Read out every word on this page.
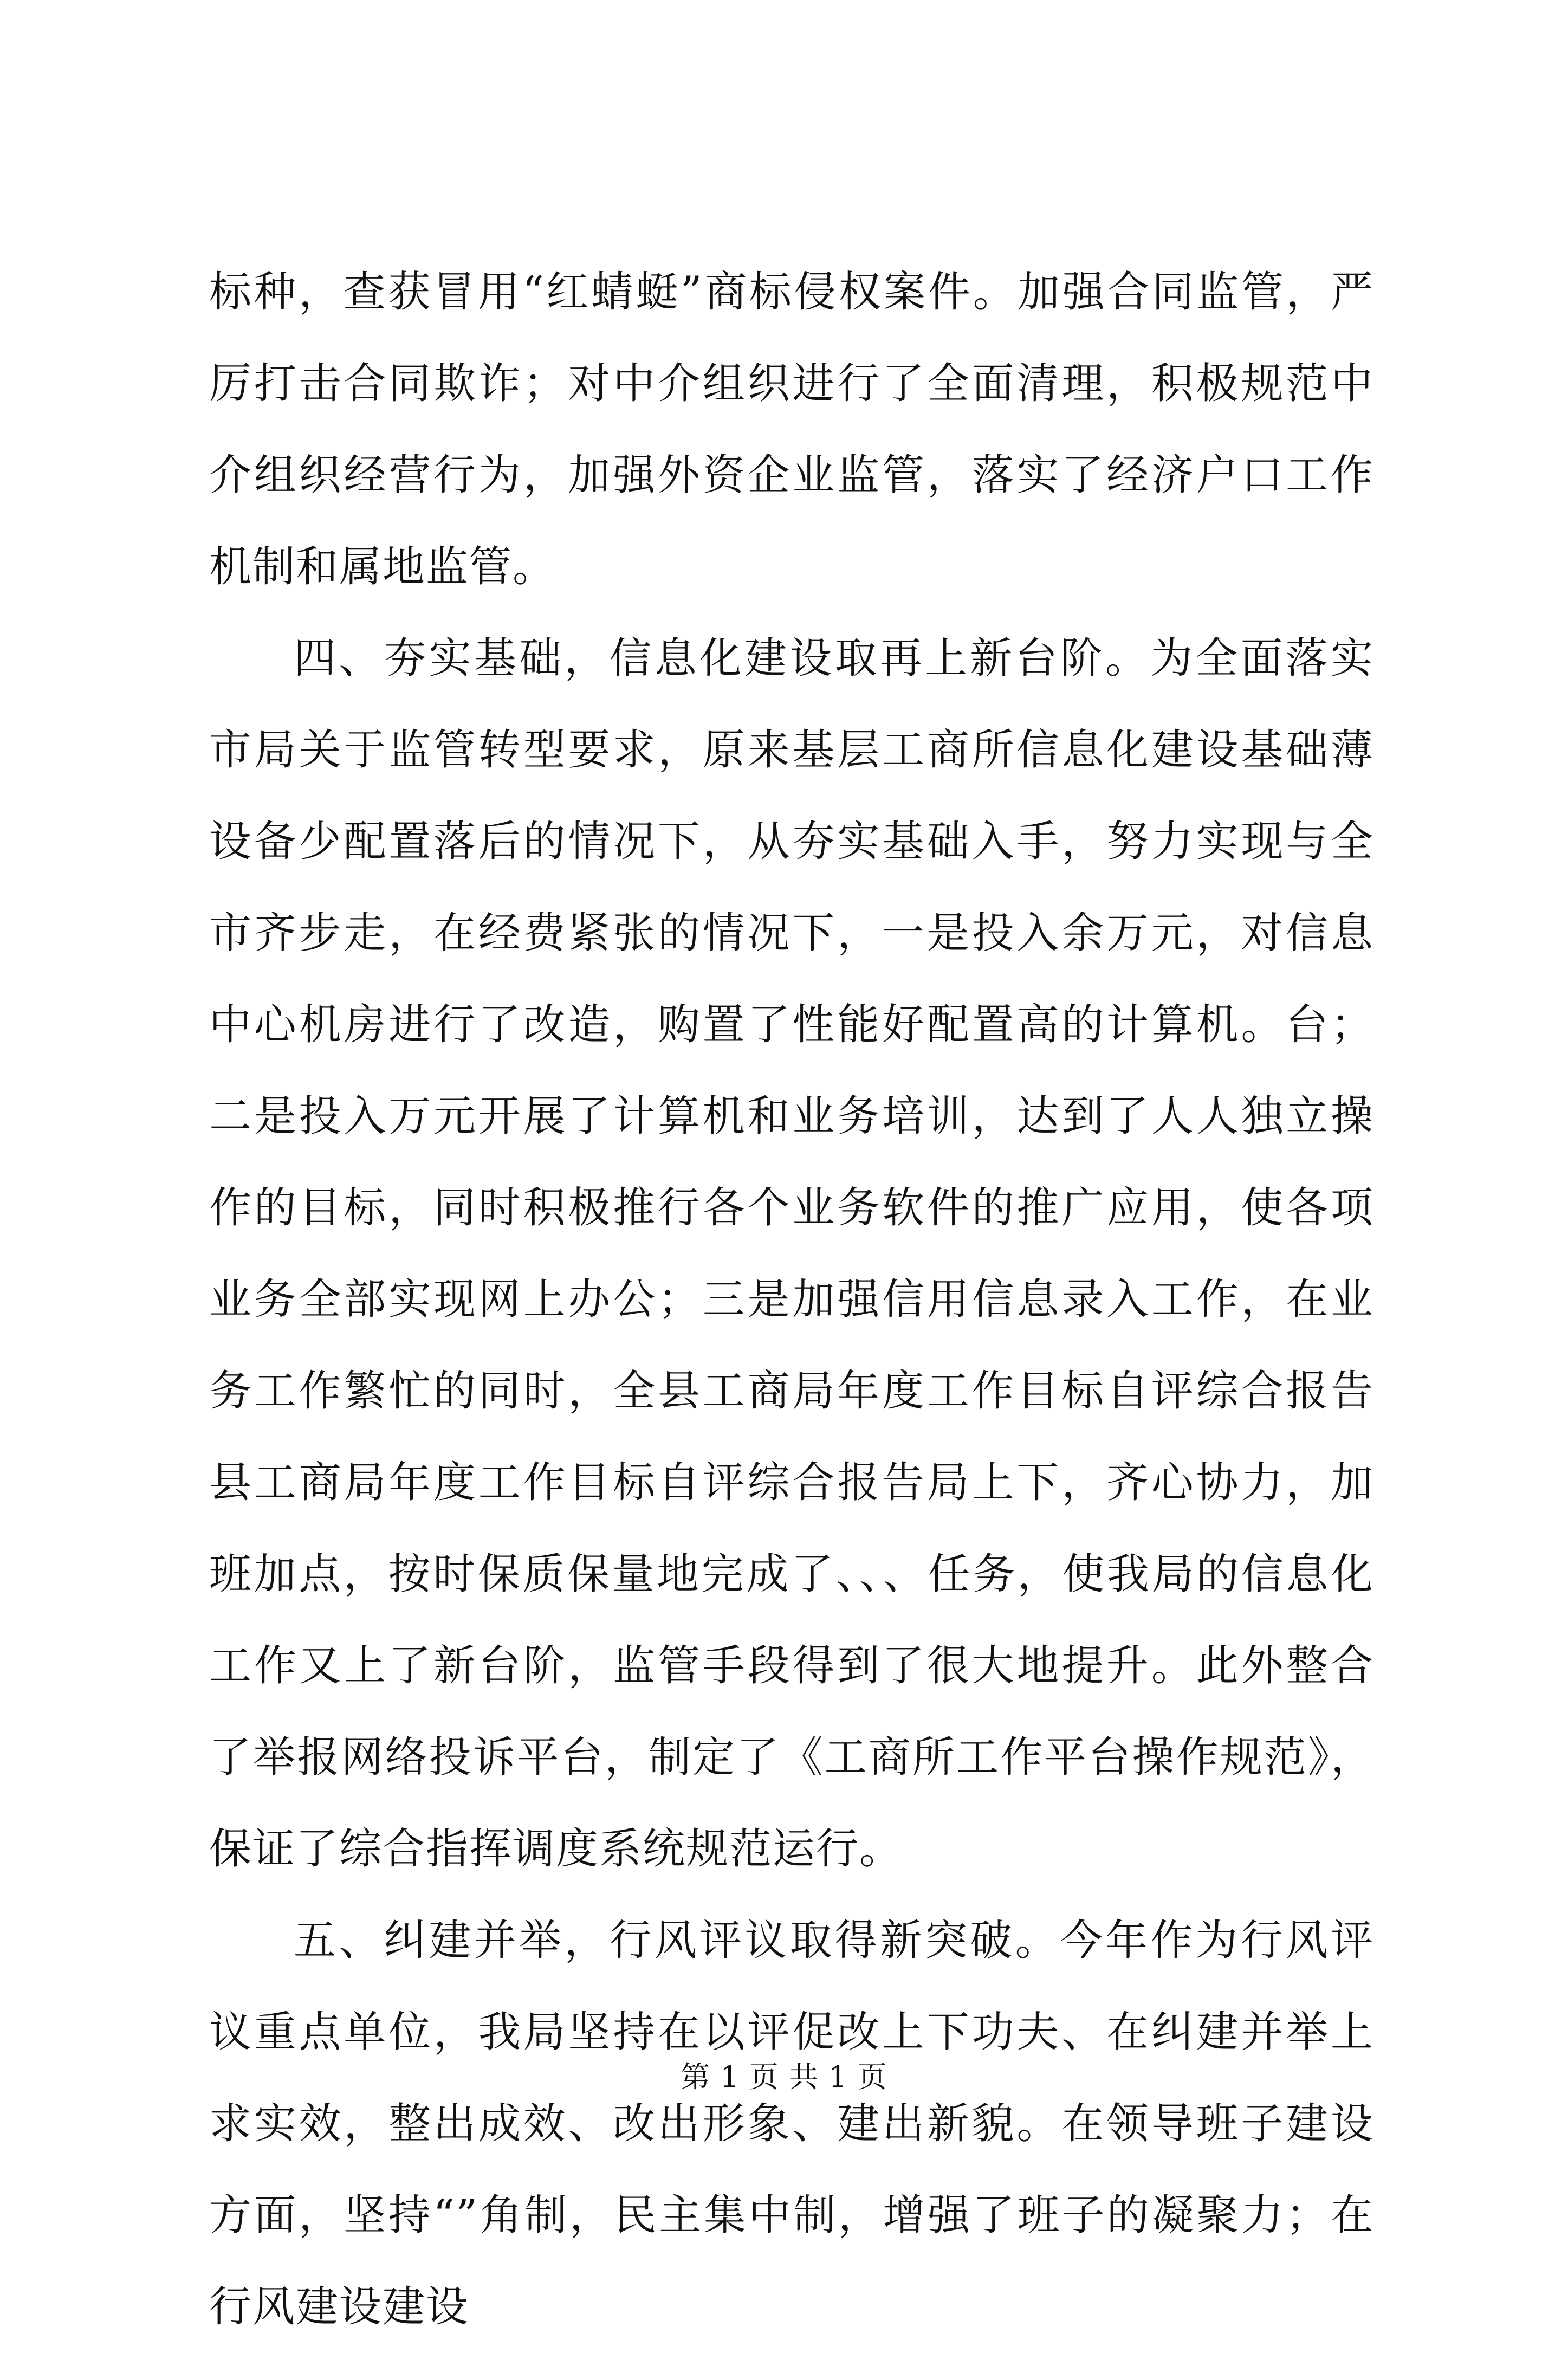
标种，查获冒用“红蜻蜓”商标侵权案件。加强合同监管，严厉打击合同欺诈；对中介组织进行了全面清理，积极规范中介组织经营行为，加强外资企业监管，落实了经济户口工作机制和属地监管。

四、夯实基础，信息化建设取再上新台阶。为全面落实市局关于监管转型要求，原来基层工商所信息化建设基础薄设备少配置落后的情况下，从夯实基础入手，努力实现与全市齐步走，在经费紧张的情况下，一是投入余万元，对信息中心机房进行了改造，购置了性能好配置高的计算机。台；二是投入万元开展了计算机和业务培训，达到了人人独立操作的目标，同时积极推行各个业务软件的推广应用，使各项业务全部实现网上办公；三是加强信用信息录入工作，在业务工作繁忙的同时，全县工商局年度工作目标自评综合报告县工商局年度工作目标自评综合报告局上下，齐心协力，加班加点，按时保质保量地完成了、、、任务，使我局的信息化工作又上了新台阶，监管手段得到了很大地提升。此外整合了举报网络投诉平台，制定了《工商所工作平台操作规范》，保证了综合指挥调度系统规范运行。

五、纠建并举，行风评议取得新突破。今年作为行风评议重点单位，我局坚持在以评促改上下功夫、在纠建并举上求实效，整出成效、改出形象、建出新貌。在领导班子建设方面，坚持“”角制，民主集中制，增强了班子的凝聚力；在行风建设建设

第 1 页 共 1 页
